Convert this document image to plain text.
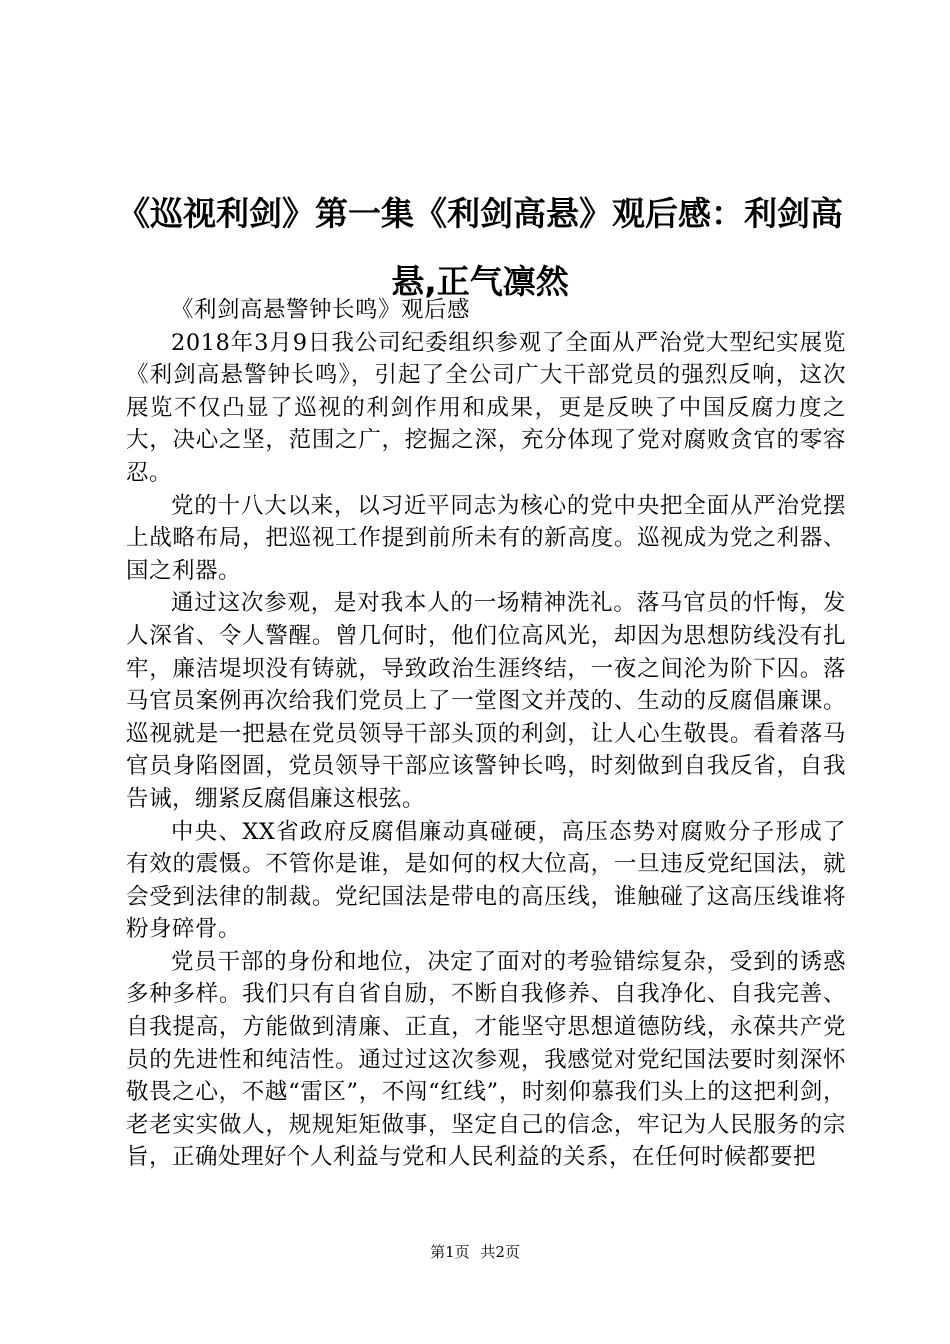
《巡视利剑》第一集《利剑高悬》观后感：利剑高悬,正气凛然

《利剑高悬警钟长鸣》观后感

2018年3月9日我公司纪委组织参观了全面从严治党大型纪实展览《利剑高悬警钟长鸣》，引起了全公司广大干部党员的强烈反响，这次展览不仅凸显了巡视的利剑作用和成果，更是反映了中国反腐力度之大，决心之坚，范围之广，挖掘之深，充分体现了党对腐败贪官的零容忍。

党的十八大以来，以习近平同志为核心的党中央把全面从严治党摆上战略布局，把巡视工作提到前所未有的新高度。巡视成为党之利器、国之利器。

通过这次参观，是对我本人的一场精神洗礼。落马官员的忏悔，发人深省、令人警醒。曾几何时，他们位高风光，却因为思想防线没有扎牢，廉洁堤坝没有铸就，导致政治生涯终结，一夜之间沦为阶下囚。落马官员案例再次给我们党员上了一堂图文并茂的、生动的反腐倡廉课。巡视就是一把悬在党员领导干部头顶的利剑，让人心生敬畏。看着落马官员身陷囹圄，党员领导干部应该警钟长鸣，时刻做到自我反省，自我告诫，绷紧反腐倡廉这根弦。

中央、XX省政府反腐倡廉动真碰硬，高压态势对腐败分子形成了有效的震慑。不管你是谁，是如何的权大位高，一旦违反党纪国法，就会受到法律的制裁。党纪国法是带电的高压线，谁触碰了这高压线谁将粉身碎骨。

党员干部的身份和地位，决定了面对的考验错综复杂，受到的诱惑多种多样。我们只有自省自励，不断自我修养、自我净化、自我完善、自我提高，方能做到清廉、正直，才能坚守思想道德防线，永葆共产党员的先进性和纯洁性。通过过这次参观，我感觉对党纪国法要时刻深怀敬畏之心，不越“雷区”，不闯“红线”，时刻仰慕我们头上的这把利剑，老老实实做人，规规矩矩做事，坚定自己的信念，牢记为人民服务的宗旨，正确处理好个人利益与党和人民利益的关系，在任何时候都要把

第1页 共2页
